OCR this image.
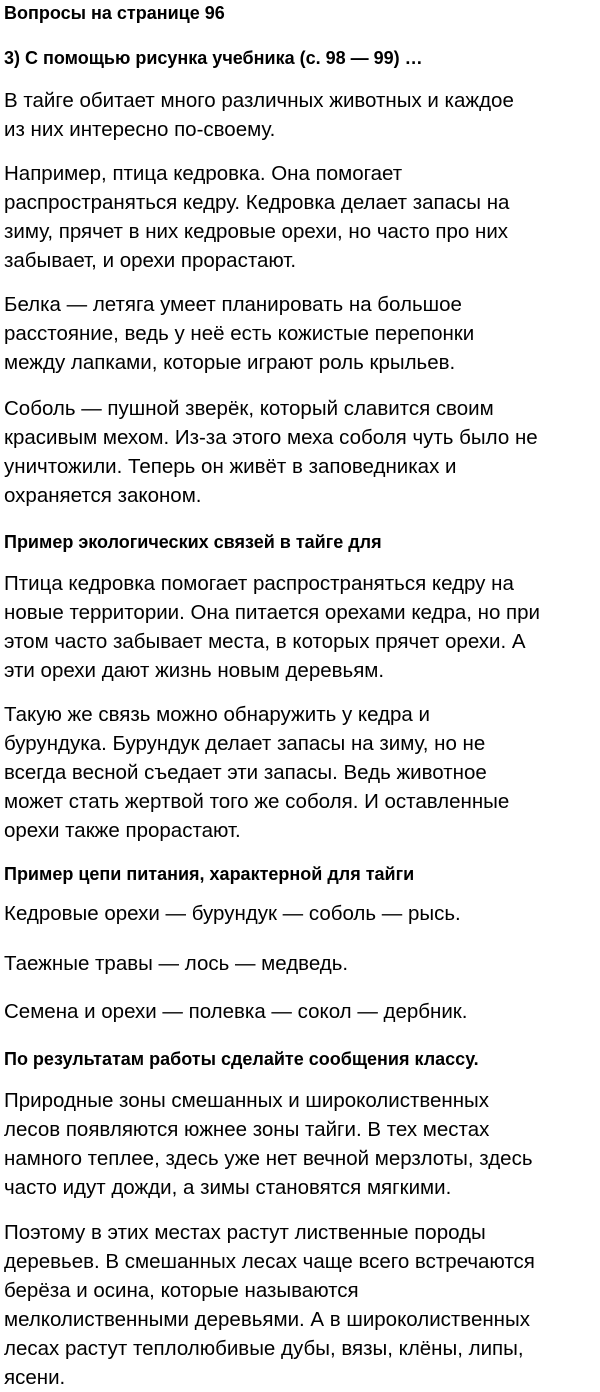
Вопросы на странице 96
3) С помощью рисунка учебника (с. 98 — 99) …
В тайге обитает много различных животных и каждое
из них интересно по-своему.
Например, птица кедровка. Она помогает
распространяться кедру. Кедровка делает запасы на
зиму, прячет в них кедровые орехи, но часто про них
забывает, и орехи прорастают.
Белка — летяга умеет планировать на большое
расстояние, ведь у неё есть кожистые перепонки
между лапками, которые играют роль крыльев.
Соболь — пушной зверёк, который славится своим
красивым мехом. Из-за этого меха соболя чуть было не
уничтожили. Теперь он живёт в заповедниках и
охраняется законом.
Пример экологических связей в тайге для
Птица кедровка помогает распространяться кедру на
новые территории. Она питается орехами кедра, но при
этом часто забывает места, в которых прячет орехи. А
эти орехи дают жизнь новым деревьям.
Такую же связь можно обнаружить у кедра и
бурундука. Бурундук делает запасы на зиму, но не
всегда весной съедает эти запасы. Ведь животное
может стать жертвой того же соболя. И оставленные
орехи также прорастают.
Пример цепи питания, характерной для тайги
Кедровые орехи — бурундук — соболь — рысь.
Таежные травы — лось — медведь.
Семена и орехи — полевка — сокол — дербник.
По результатам работы сделайте сообщения классу.
Природные зоны смешанных и широколиственных
лесов появляются южнее зоны тайги. В тех местах
намного теплее, здесь уже нет вечной мерзлоты, здесь
часто идут дожди, а зимы становятся мягкими.
Поэтому в этих местах растут лиственные породы
деревьев. В смешанных лесах чаще всего встречаются
берёза и осина, которые называются
мелколиственными деревьями. А в широколиственных
лесах растут теплолюбивые дубы, вязы, клёны, липы,
ясени.
